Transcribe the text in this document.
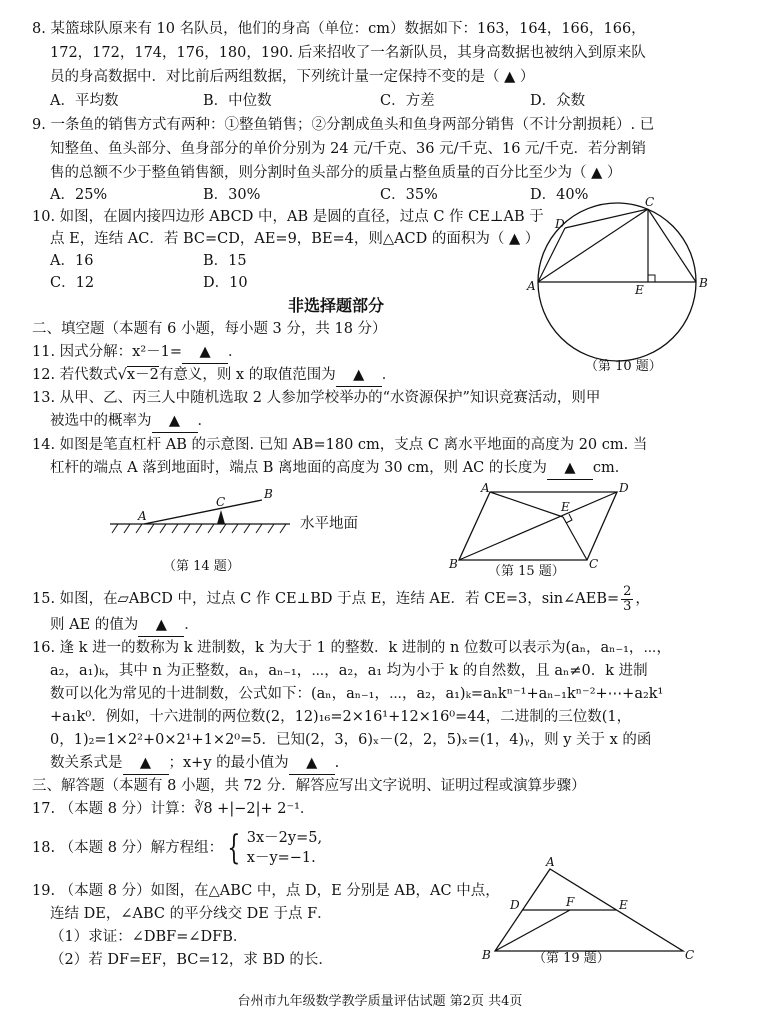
8. 某篮球队原来有 10 名队员，他们的身高（单位：cm）数据如下：163，164，166，166，
172，172，174，176，180，190. 后来招收了一名新队员，其身高数据也被纳入到原来队
员的身高数据中．对比前后两组数据，下列统计量一定保持不变的是（ ▲ ）
A．平均数	B．中位数	C．方差	D．众数
9. 一条鱼的销售方式有两种：①整鱼销售；②分割成鱼头和鱼身两部分销售（不计分割损耗）. 已
知整鱼、鱼头部分、鱼身部分的单价分别为 24 元/千克、36 元/千克、16 元/千克．若分割销
售的总额不少于整鱼销售额，则分割时鱼头部分的质量占整鱼质量的百分比至少为（ ▲ ）
A．25%	B．30%	C．35%	D．40%
10. 如图，在圆内接四边形 ABCD 中，AB 是圆的直径，过点 C 作 CE⊥AB 于
点 E，连结 AC．若 BC=CD，AE=9，BE=4，则△ACD 的面积为（ ▲ ）
A．16	B．15
C．12	D．10	A	B
C
D
E
（第 10 题）
非选择题部分
二、填空题（本题有 6 小题，每小题 3 分，共 18 分）
11. 因式分解：x²－1= ▲ ．
12. 若代数式√x－2有意义，则 x 的取值范围为 ▲ ．
13. 从甲、乙、丙三人中随机选取 2 人参加学校举办的“水资源保护”知识竞赛活动，则甲
被选中的概率为 ▲ ．
14. 如图是笔直杠杆 AB 的示意图. 已知 AB=180 cm，支点 C 离水平地面的高度为 20 cm. 当
杠杆的端点 A 落到地面时，端点 B 离地面的高度为 30 cm，则 AC 的长度为 ▲ cm．
A
B
C
水平地面
（第 14 题）
A
B	C
D
E
（第 15 题）
15. 如图，在▱ABCD 中，过点 C 作 CE⊥BD 于点 E，连结 AE．若 CE=3，sin∠AEB= $\frac{2}{3}$ ，
则 AE 的值为 ▲ ．
16. 逢 k 进一的数称为 k 进制数，k 为大于 1 的整数．k 进制的 n 位数可以表示为(aₙ，aₙ₋₁，⋯，
a₂，a₁)ₖ，其中 n 为正整数，aₙ，aₙ₋₁，⋯，a₂，a₁ 均为小于 k 的自然数，且 aₙ≠0．k 进制
数可以化为常见的十进制数，公式如下：(aₙ，aₙ₋₁，⋯，a₂，a₁)ₖ=aₙkⁿ⁻¹+aₙ₋₁kⁿ⁻²+⋯+a₂k¹
+a₁k⁰．例如，十六进制的两位数(2，12)₁₆=2×16¹+12×16⁰=44，二进制的三位数(1，
0，1)₂=1×2²+0×2¹+1×2⁰=5．已知(2，3，6)ₓ－(2，2，5)ₓ=(1，4)ᵧ，则 y 关于 x 的函
数关系式是 ▲ ；x+y 的最小值为 ▲ .
三、解答题（本题有 8 小题，共 72 分．解答应写出文字说明、证明过程或演算步骤）
17. （本题 8 分）计算：∛8 +|−2|+ 2⁻¹．
18. （本题 8 分）解方程组： { 3x－2y=5,
x－y=−1.
19. （本题 8 分）如图，在△ABC 中，点 D，E 分别是 AB，AC 中点，
连结 DE，∠ABC 的平分线交 DE 于点 F．
（1）求证：∠DBF=∠DFB．
（2）若 DF=EF，BC=12，求 BD 的长．
A
B	C
D	E
F
（第 19 题）
台州市九年级数学教学质量评估试题 第2页 共4页
